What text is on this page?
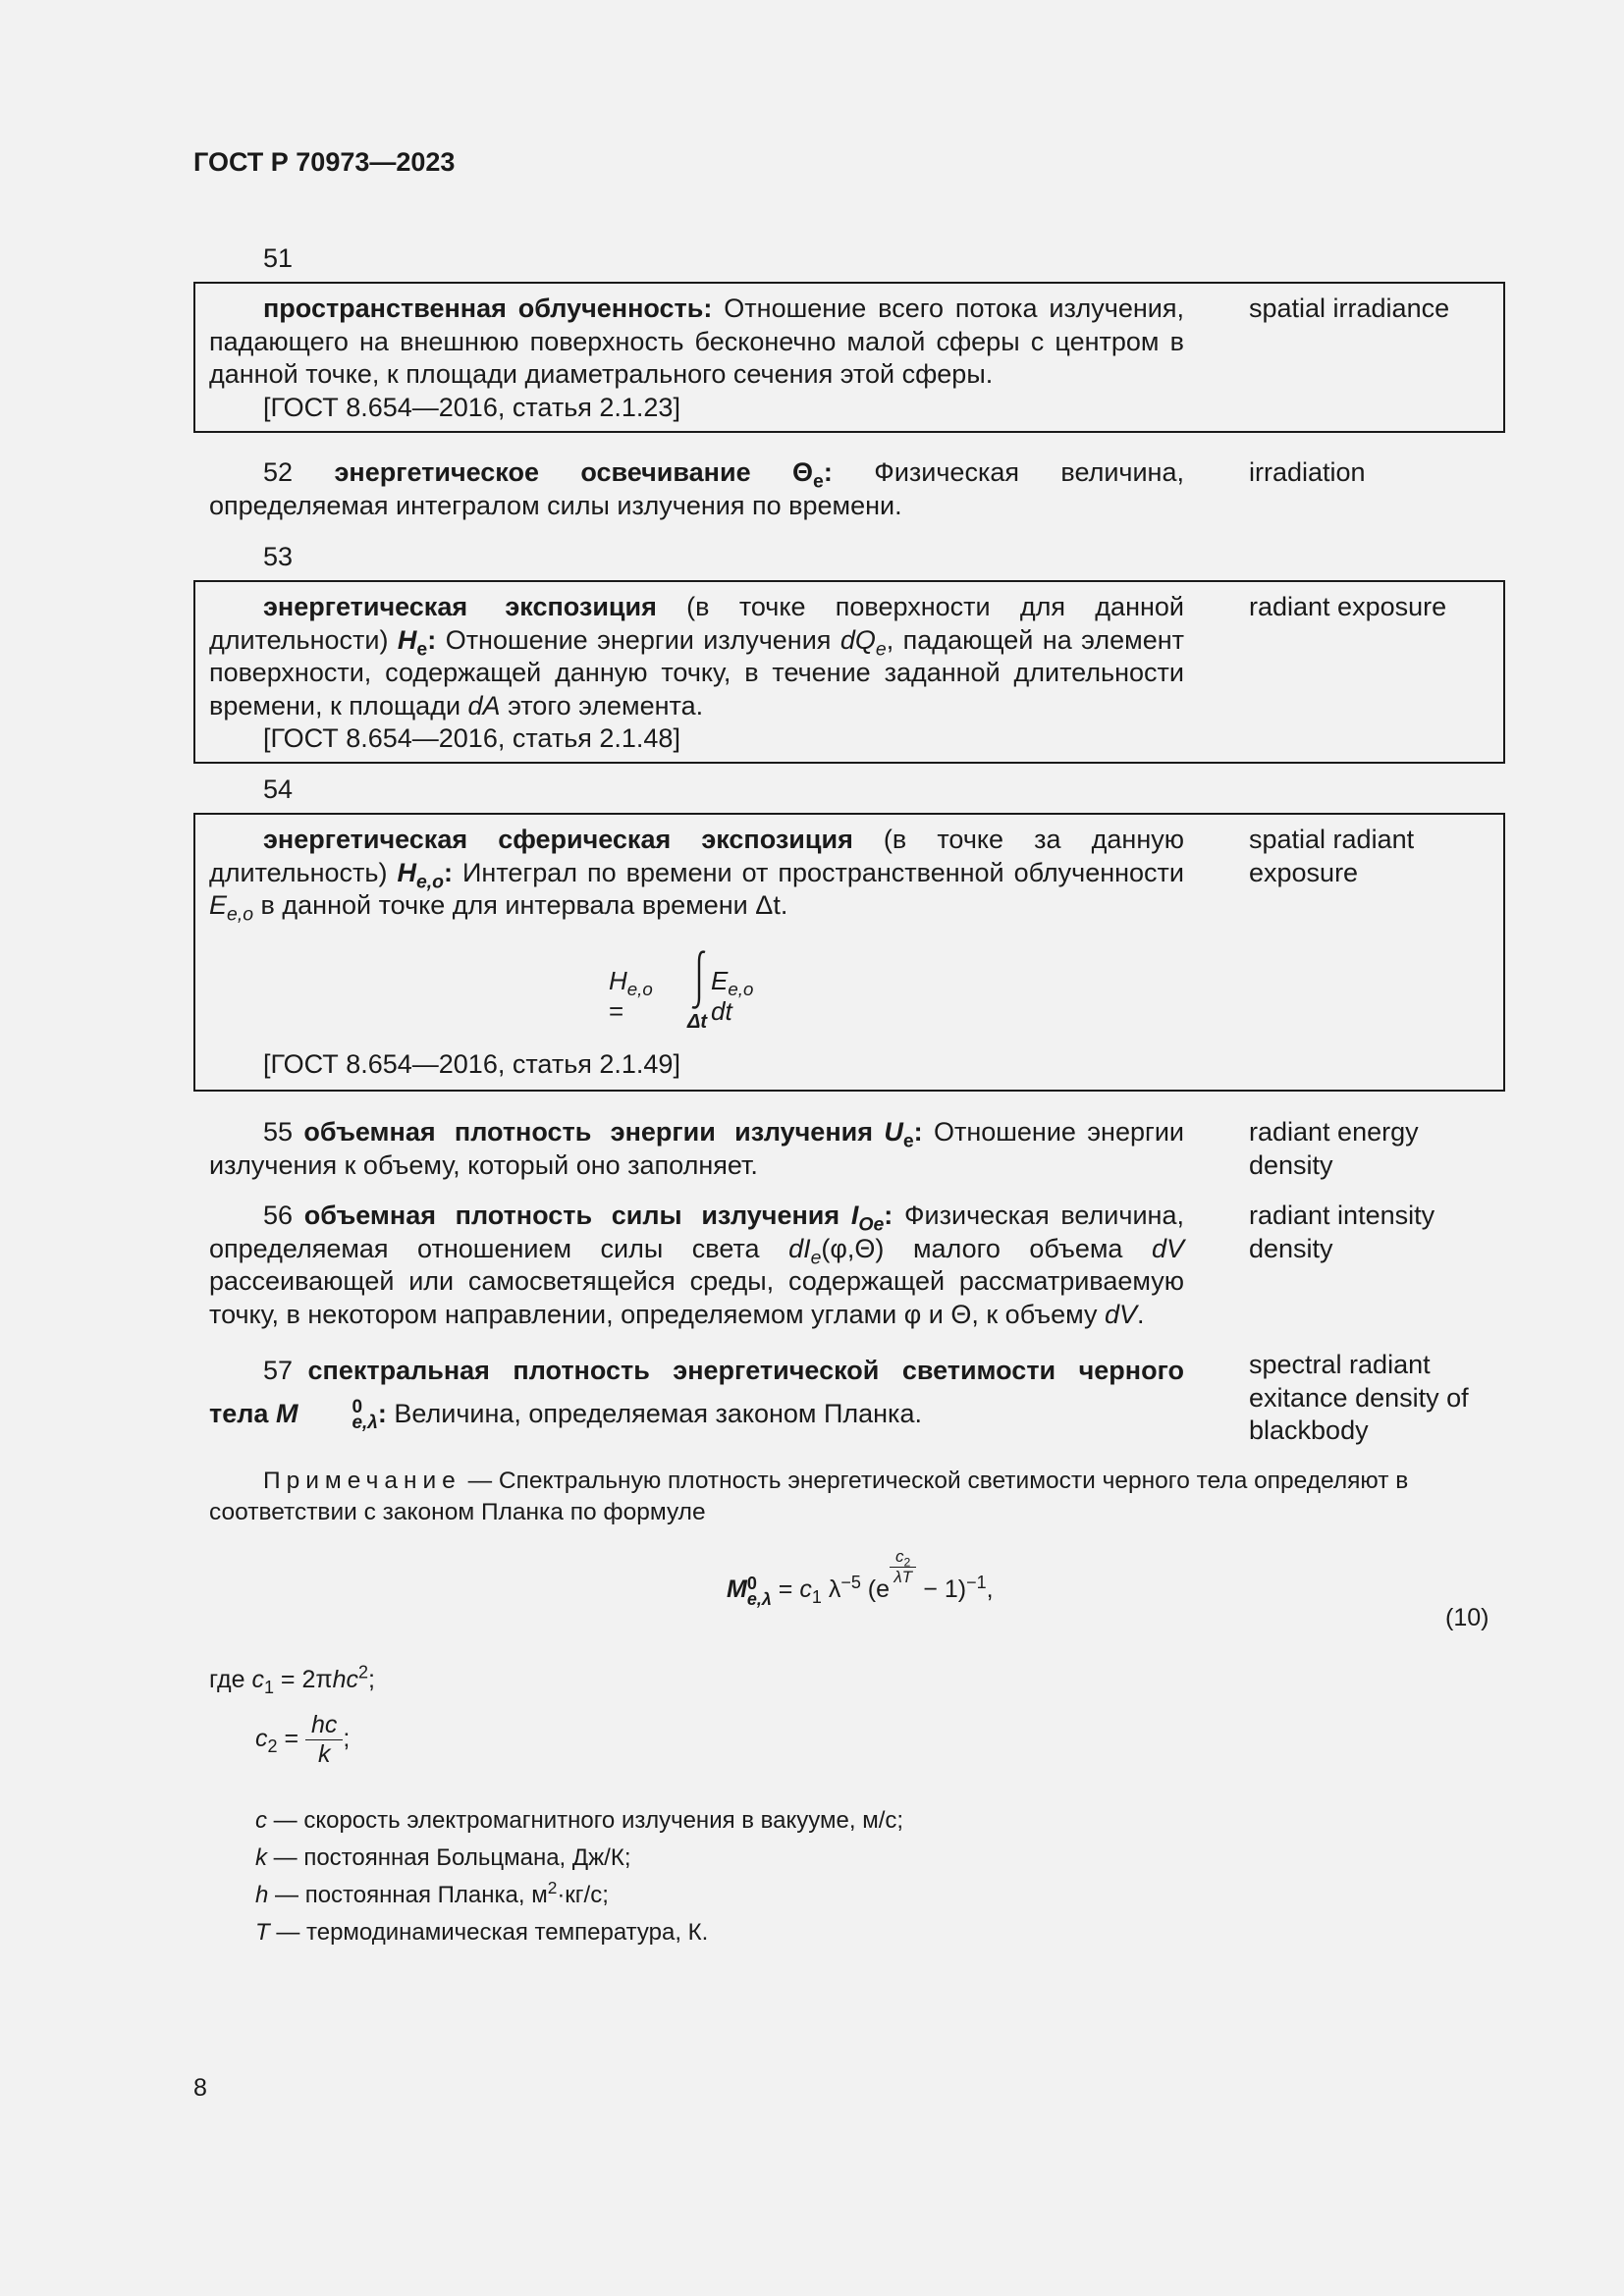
ГОСТ Р 70973—2023
51
пространственная облученность: Отношение всего потока излучения, падающего на внешнюю поверхность бесконечно малой сферы с центром в данной точке, к площади диаметрального сечения этой сферы.
[ГОСТ 8.654—2016, статья 2.1.23]
spatial irradiance
52 энергетическое освечивание $\Theta_e$: Физическая величина, определяемая интегралом силы излучения по времени.
irradiation
53
энергетическая экспозиция (в точке поверхности для данной длительности) $H_e$: Отношение энергии излучения $dQ_e$, падающей на элемент поверхности, содержащей данную точку, в течение заданной длительности времени, к площади dA этого элемента.
[ГОСТ 8.654—2016, статья 2.1.48]
radiant exposure
54
энергетическая сферическая экспозиция (в точке за данную длительность) $H_{e,o}$: Интеграл по времени от пространственной облученности $E_{e,o}$ в данной точке для интервала времени Δt.
$H_{e,o}$ =
$E_{e,o}$ dt
Δt
[ГОСТ 8.654—2016, статья 2.1.49]
spatial radiant exposure
55 объемная плотность энергии излучения $U_e$: Отношение энергии излучения к объему, который оно заполняет.
radiant energy density
56 объемная плотность силы излучения $I_{Oe}$: Физическая величина, определяемая отношением силы света $dI_e(\varphi,\Theta)$ малого объема dV рассеивающей или самосветящейся среды, содержащей рассматриваемую точку, в некотором направлении, определяемом углами φ и Θ, к объему dV.
radiant intensity density
57 спектральная плотность энергетической светимости черного тела M	0
e,λ : Величина, определяемая законом Планка.
spectral radiant exitance density of blackbody
Примечание — Спектральную плотность энергетической светимости черного тела определяют в соответствии с законом Планка по формуле
M 0
$e,\lambda = c_1$ $\lambda^{-5}$ (e
$\frac{c_2}{\lambda T}$
− 1)$^{-1}$,
(10)
где $c_1 = 2\pi hc^2$;
$c_2 = \frac{hc}{k}$ ;
c — скорость электромагнитного излучения в вакууме, м/с;
k — постоянная Больцмана, Дж/К;
h — постоянная Планка, $м^2\cdot кг/с$;
T — термодинамическая температура, К.
8
